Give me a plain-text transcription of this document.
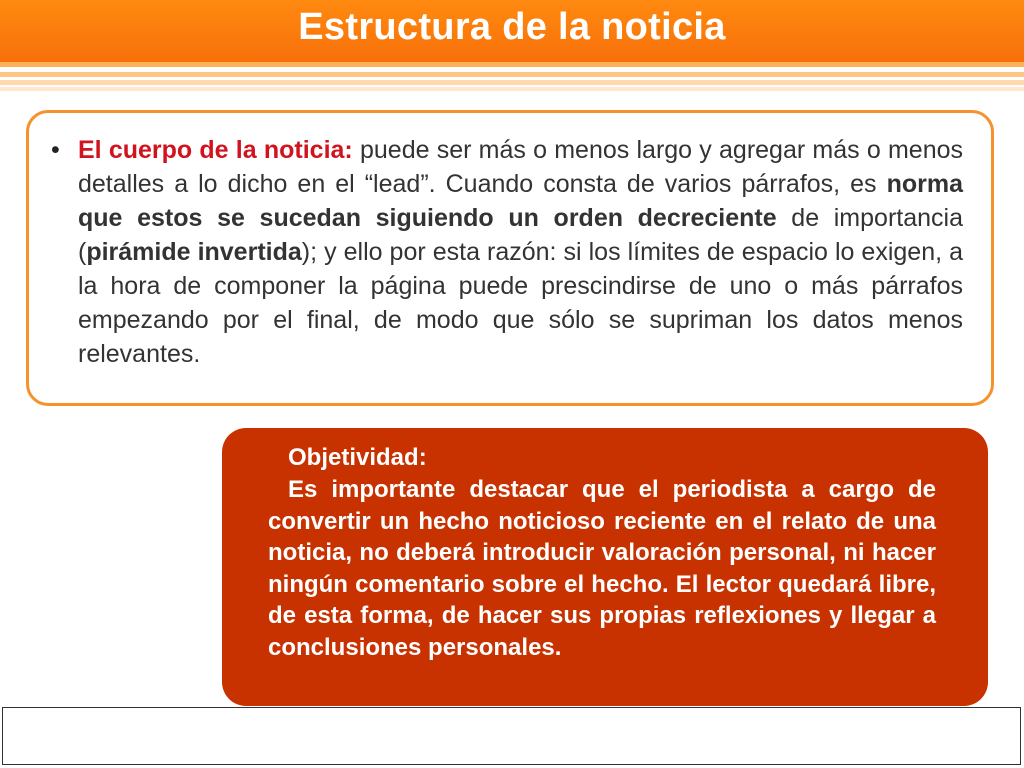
Estructura de la noticia
• El cuerpo de la noticia: puede ser más o menos largo y agregar más o menos detalles a lo dicho en el “lead”. Cuando consta de varios párrafos, es norma que estos se sucedan siguiendo un orden decreciente de importancia (pirámide invertida); y ello por esta razón: si los límites de espacio lo exigen, a la hora de componer la página puede prescindirse de uno o más párrafos empezando por el final, de modo que sólo se supriman los datos menos relevantes.
Objetividad:
Es importante destacar que el periodista a cargo de convertir un hecho noticioso reciente en el relato de una noticia, no deberá introducir valoración personal, ni hacer ningún comentario sobre el hecho. El lector quedará libre, de esta forma, de hacer sus propias reflexiones y llegar a conclusiones personales.
